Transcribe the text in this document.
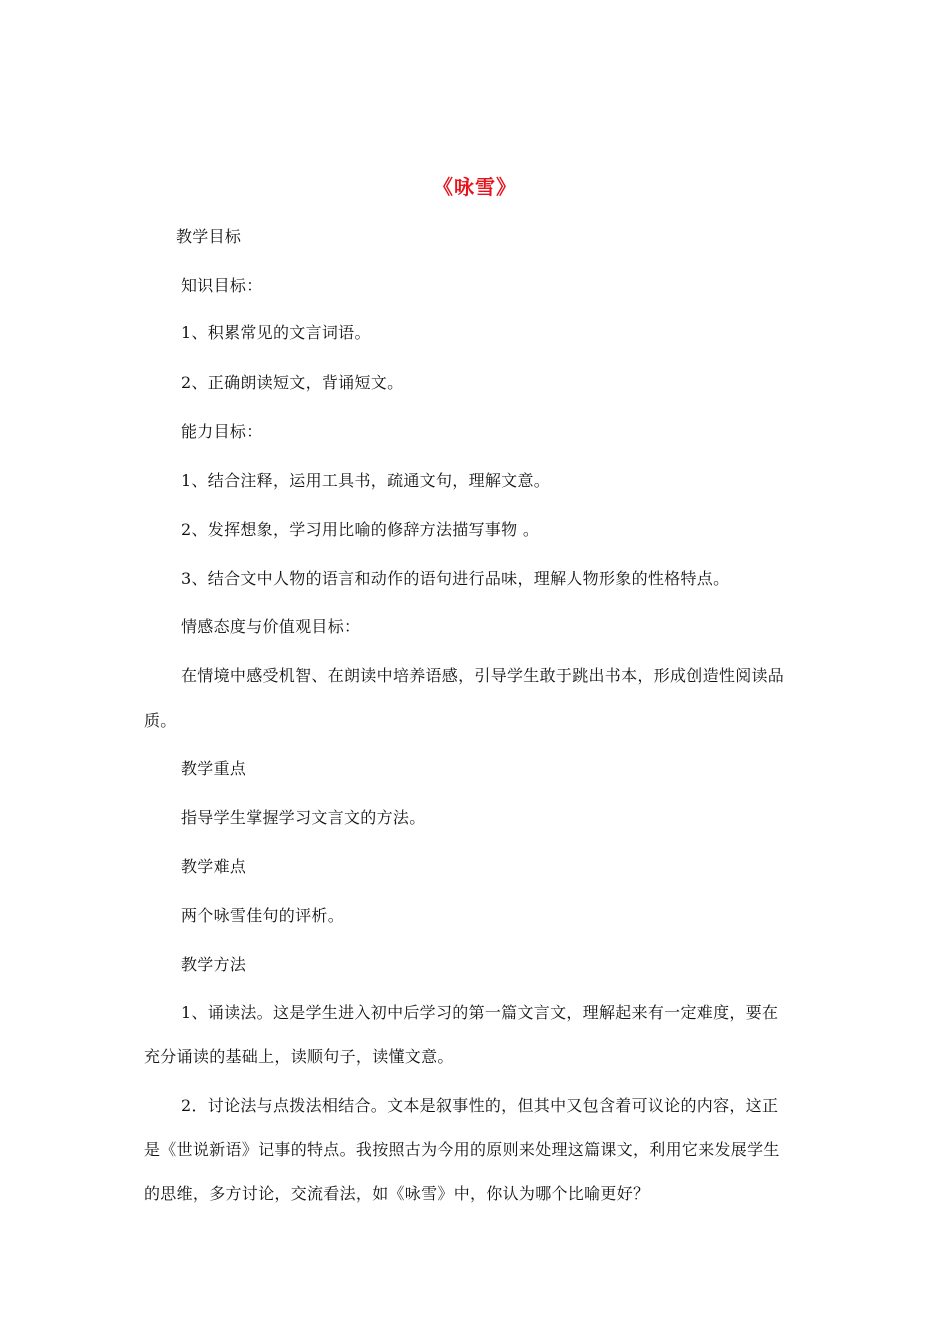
《咏雪》
教学目标
知识目标：
1、积累常见的文言词语。
2、正确朗读短文，背诵短文。
能力目标：
1、结合注释，运用工具书，疏通文句，理解文意。
2、发挥想象，学习用比喻的修辞方法描写事物 。
3、结合文中人物的语言和动作的语句进行品味，理解人物形象的性格特点。
情感态度与价值观目标：
在情境中感受机智、在朗读中培养语感，引导学生敢于跳出书本，形成创造性阅读品
质。
教学重点
指导学生掌握学习文言文的方法。
教学难点
两个咏雪佳句的评析。
教学方法
1、诵读法。这是学生进入初中后学习的第一篇文言文，理解起来有一定难度，要在
充分诵读的基础上，读顺句子，读懂文意。
2．讨论法与点拨法相结合。文本是叙事性的，但其中又包含着可议论的内容，这正
是《世说新语》记事的特点。我按照古为今用的原则来处理这篇课文，利用它来发展学生
的思维，多方讨论，交流看法，如《咏雪》中，你认为哪个比喻更好？
